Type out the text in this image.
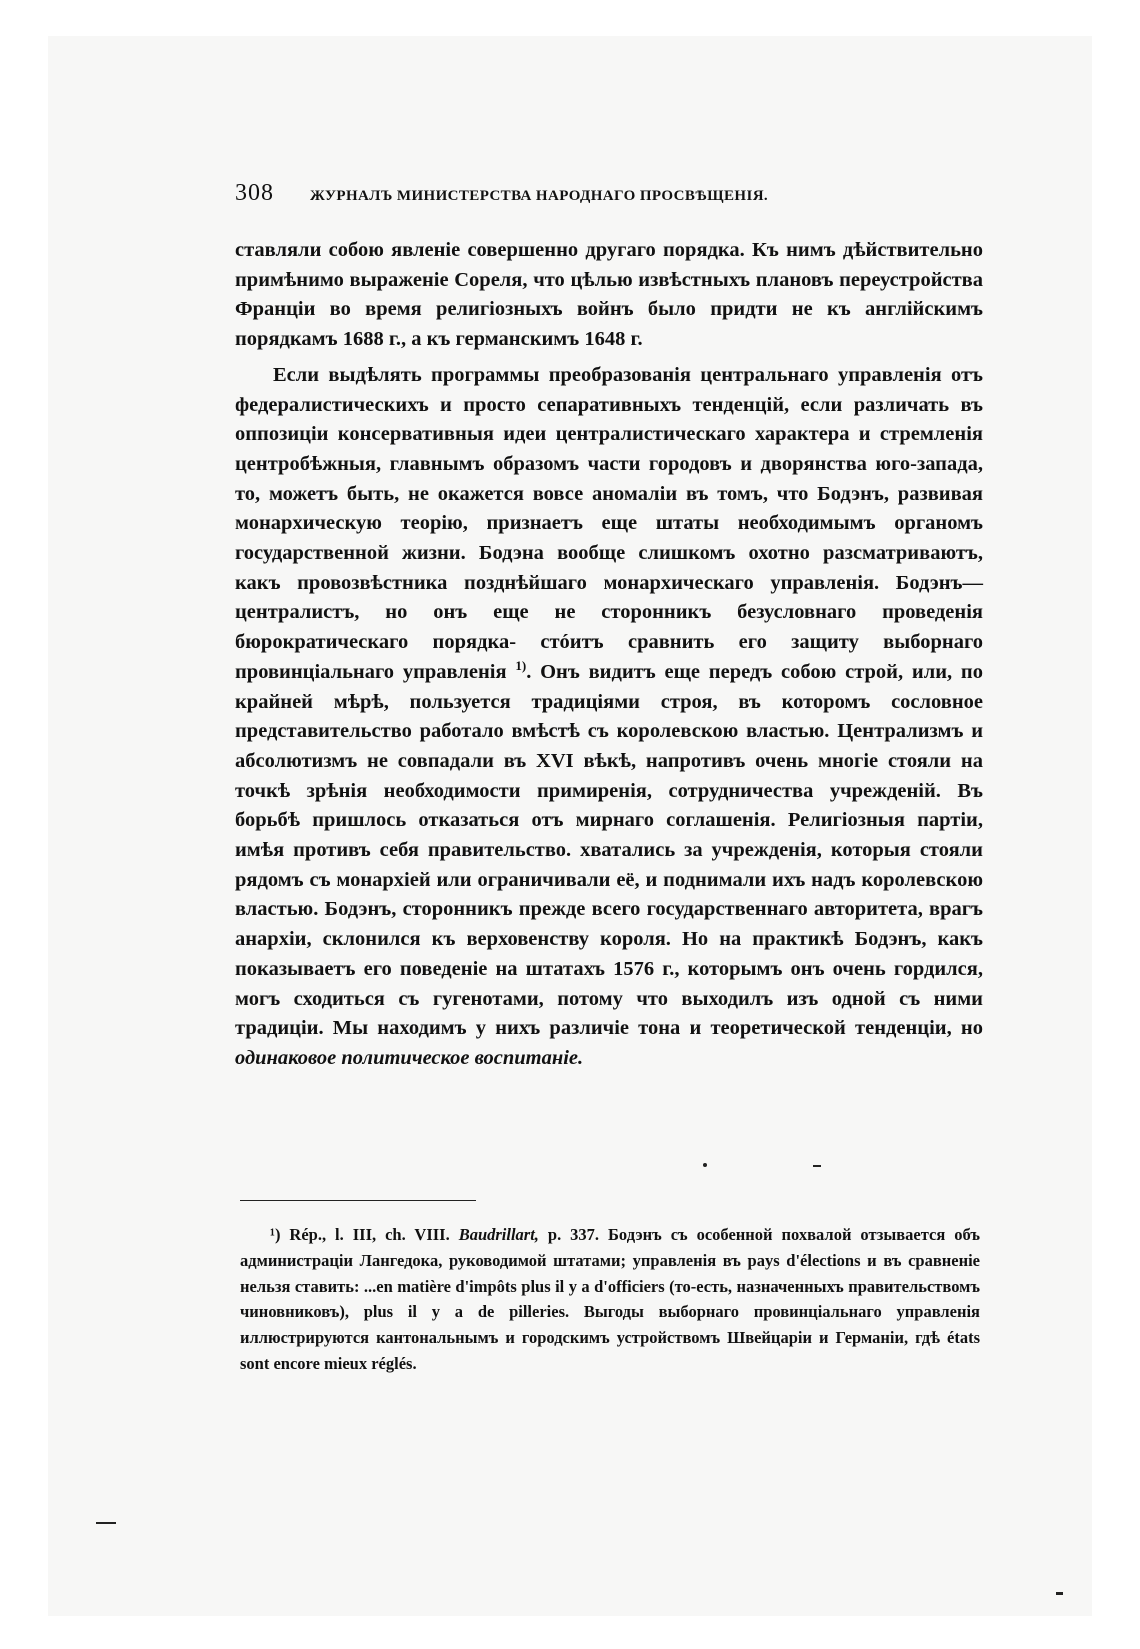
308 ЖУРНАЛЪ МИНИСТЕРСТВА НАРОДНАГО ПРОСВѢЩЕНІЯ.

ставляли собою явленіе совершенно другаго порядка. Къ нимъ дѣйствительно примѣнимо выраженіе Сореля, что цѣлью извѣстныхъ плановъ переустройства Франціи во время религіозныхъ войнъ было придти не къ англійскимъ порядкамъ 1688 г., а къ германскимъ 1648 г.

Если выдѣлять программы преобразованія центральнаго управленія отъ федералистическихъ и просто сепаративныхъ тенденцій, если различать въ оппозиціи консервативныя идеи централистическаго характера и стремленія центробѣжныя, главнымъ образомъ части городовъ и дворянства юго-запада, то, можетъ быть, не окажется вовсе аномаліи въ томъ, что Бодэнъ, развивая монархическую теорію, признаетъ еще штаты необходимымъ органомъ государственной жизни. Бодэна вообще слишкомъ охотно разсматриваютъ, какъ провозвѣстника позднѣйшаго монархическаго управленія. Бодэнъ—централистъ, но онъ еще не сторонникъ безусловнаго проведенія бюрократическаго порядка- стóитъ сравнить его защиту выборнаго провинціальнаго управленія $^{1)}$. Онъ видитъ еще передъ собою строй, или, по крайней мѣрѣ, пользуется традиціями строя, въ которомъ сословное представительство работало вмѣстѣ съ королевскою властью. Централизмъ и абсолютизмъ не совпадали въ XVI вѣкѣ, напротивъ очень многіе стояли на точкѣ зрѣнія необходимости примиренія, сотрудничества учрежденій. Въ борьбѣ пришлось отказаться отъ мирнаго соглашенія. Религіозныя партіи, имѣя противъ себя правительство. хватались за учрежденія, которыя стояли рядомъ съ монархіей или ограничивали её, и поднимали ихъ надъ королевскою властью. Бодэнъ, сторонникъ прежде всего государственнаго авторитета, врагъ анархіи, склонился къ верховенству короля. Но на практикѣ Бодэнъ, какъ показываетъ его поведеніе на штатахъ 1576 г., которымъ онъ очень гордился, могъ сходиться съ гугенотами, потому что выходилъ изъ одной съ ними традиціи. Мы находимъ у нихъ различіе тона и теоретической тенденціи, но одинаковое политическое воспитаніе.

¹) Rép., l. III, ch. VIII. Baudrillart, p. 337. Бодэнъ съ особенной похвалой отзывается объ администраціи Лангедока, руководимой штатами; управленія въ pays d'élections и въ сравненіе нельзя ставить: ...en matière d'impôts plus il y a d'officiers (то-есть, назначенныхъ правительствомъ чиновниковъ), plus il y a de pilleries. Выгоды выборнаго провинціальнаго управленія иллюстрируются кантональнымъ и городскимъ устройствомъ Швейцаріи и Германіи, гдѣ états sont encore mieux réglés.
